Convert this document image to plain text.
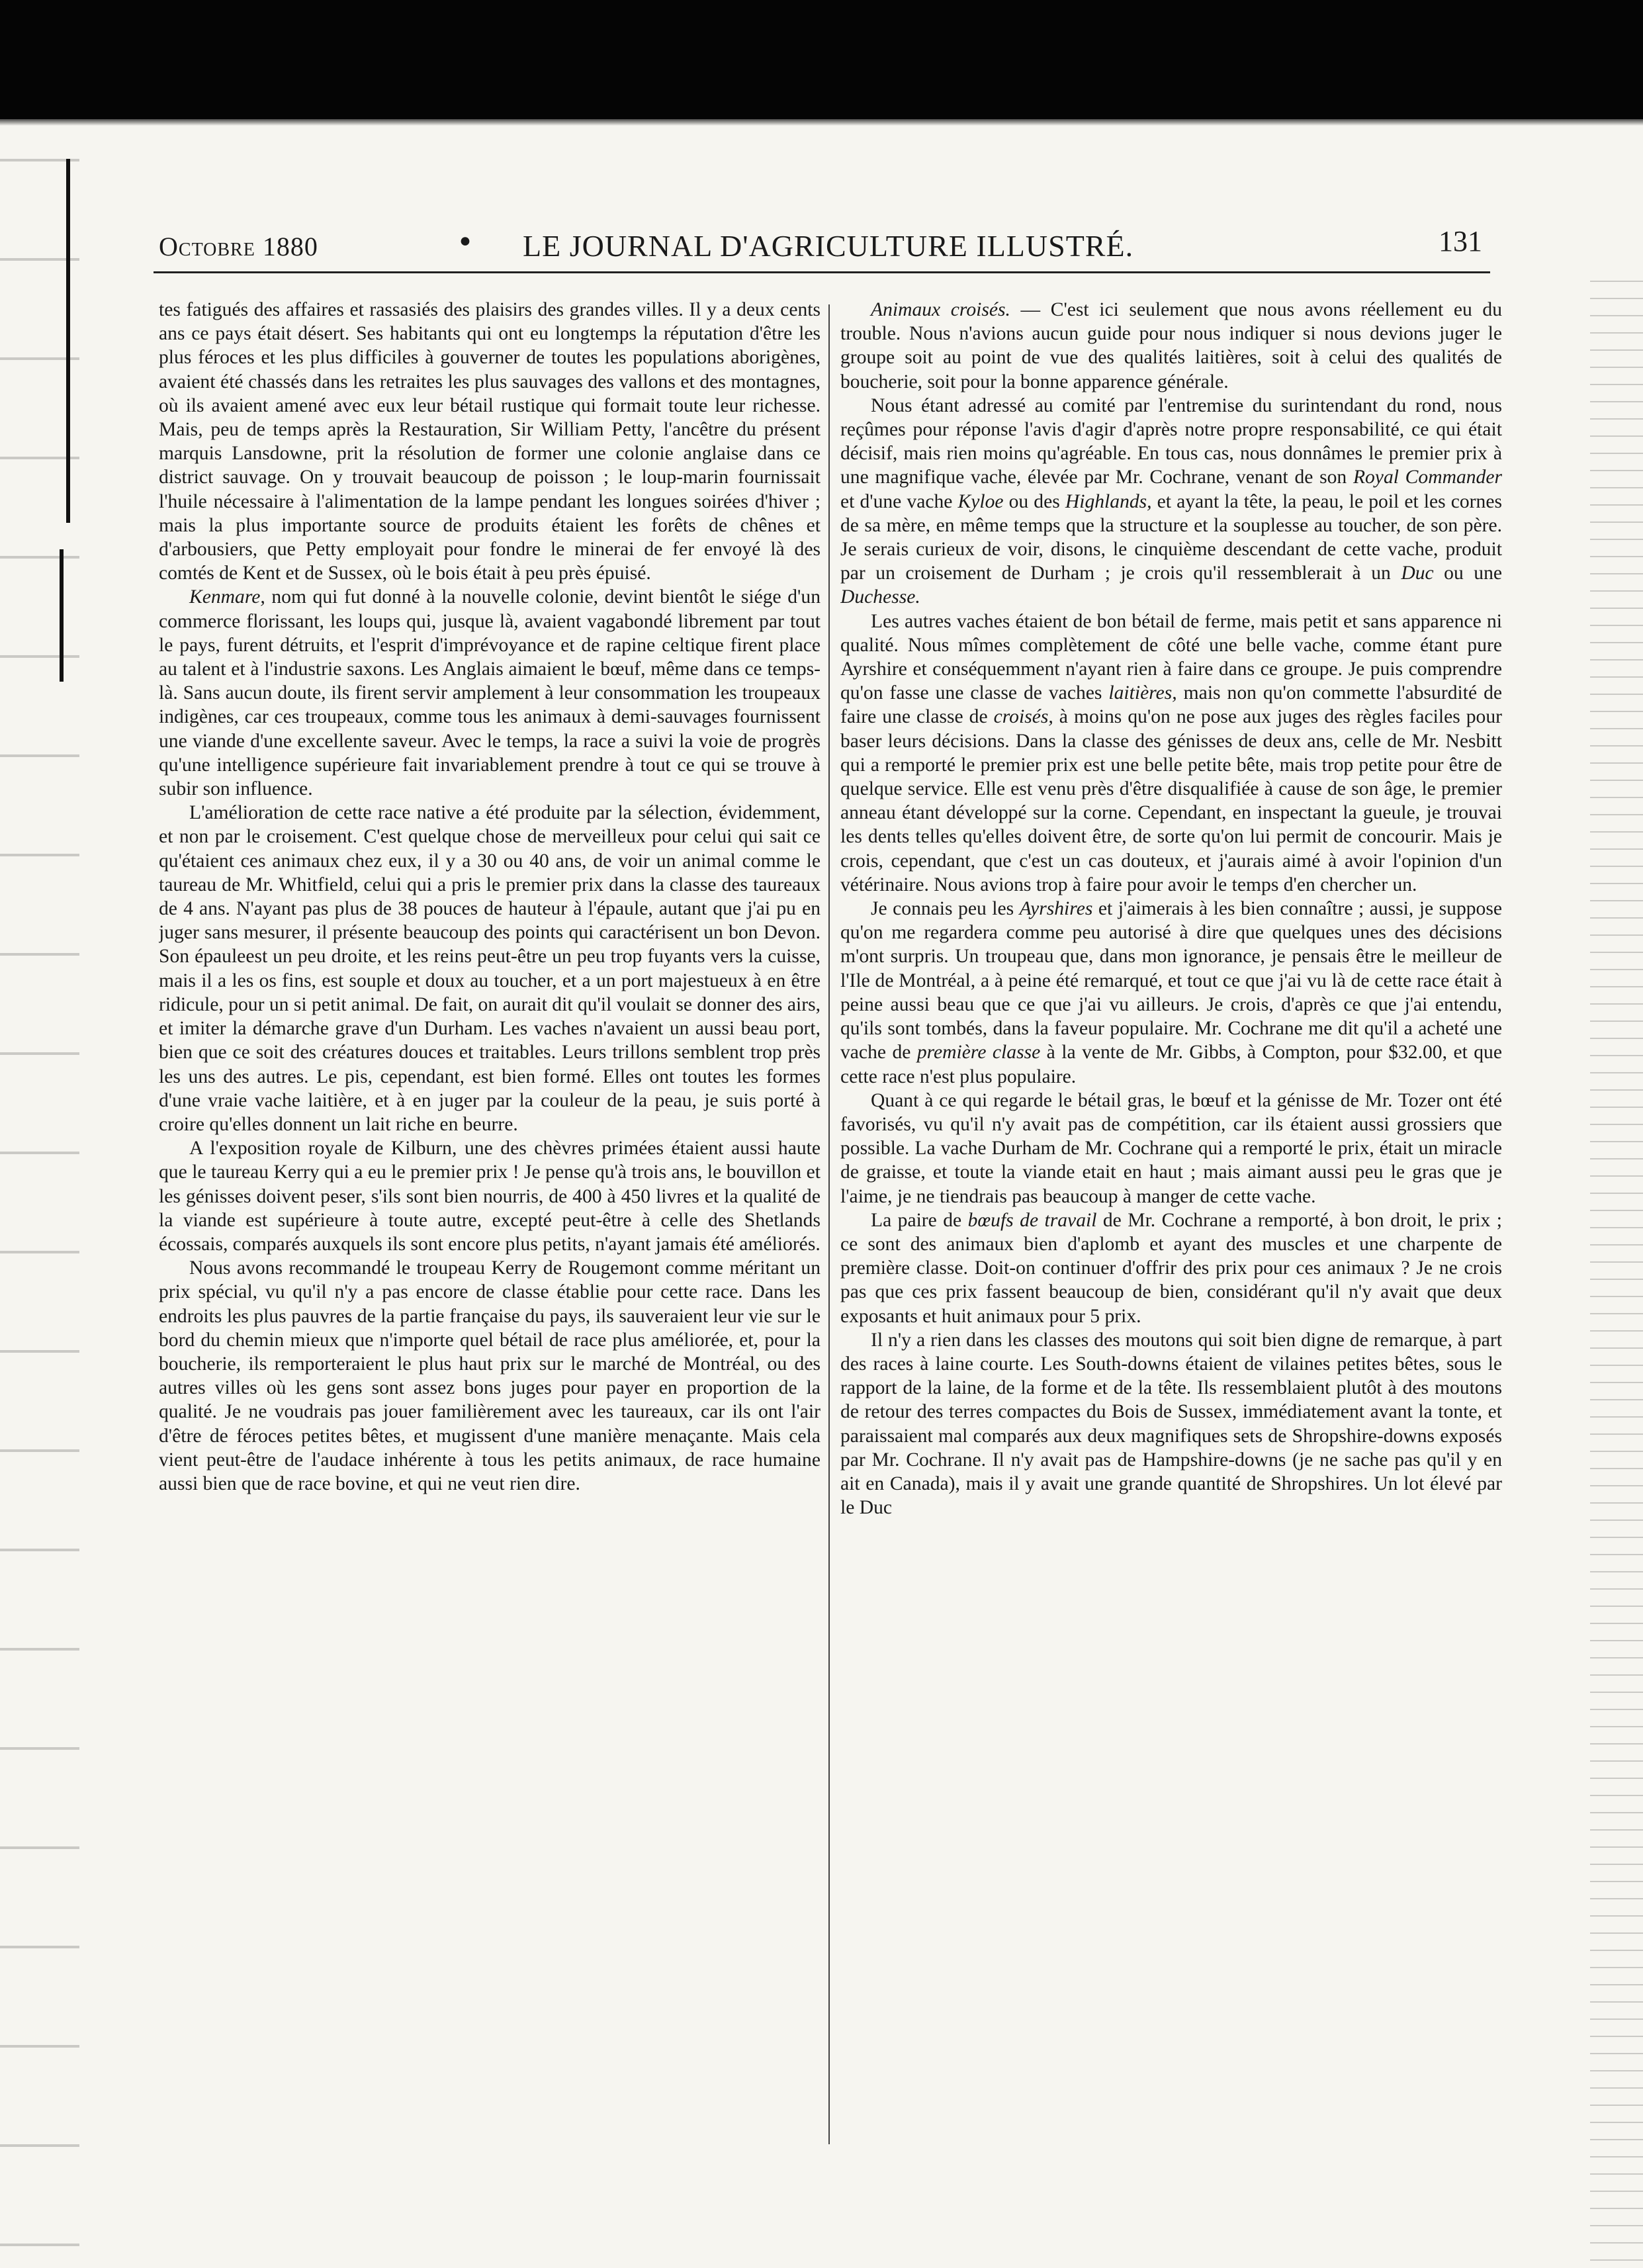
Octobre 1880	• LE JOURNAL D'AGRICULTURE ILLUSTRÉ.	131

tes fatigués des affaires et rassasiés des plaisirs des grandes villes. Il y a deux cents ans ce pays était désert. Ses habitants qui ont eu longtemps la réputation d'être les plus féroces et les plus difficiles à gouverner de toutes les populations aborigènes, avaient été chassés dans les retraites les plus sauvages des vallons et des montagnes, où ils avaient amené avec eux leur bétail rustique qui formait toute leur richesse. Mais, peu de temps après la Restauration, Sir William Petty, l'ancêtre du présent marquis Lansdowne, prit la résolution de former une colonie anglaise dans ce district sauvage. On y trouvait beaucoup de poisson ; le loup-marin fournissait l'huile nécessaire à l'alimentation de la lampe pendant les longues soirées d'hiver ; mais la plus importante source de produits étaient les forêts de chênes et d'arbousiers, que Petty employait pour fondre le minerai de fer envoyé là des comtés de Kent et de Sussex, où le bois était à peu près épuisé.

Kenmare, nom qui fut donné à la nouvelle colonie, devint bientôt le siége d'un commerce florissant, les loups qui, jusque là, avaient vagabondé librement par tout le pays, furent détruits, et l'esprit d'imprévoyance et de rapine celtique firent place au talent et à l'industrie saxons. Les Anglais aimaient le bœuf, même dans ce temps-là. Sans aucun doute, ils firent servir amplement à leur consommation les troupeaux indigènes, car ces troupeaux, comme tous les animaux à demi-sauvages fournissent une viande d'une excellente saveur. Avec le temps, la race a suivi la voie de progrès qu'une intelligence supérieure fait invariablement prendre à tout ce qui se trouve à subir son influence.

L'amélioration de cette race native a été produite par la sélection, évidemment, et non par le croisement. C'est quelque chose de merveilleux pour celui qui sait ce qu'étaient ces animaux chez eux, il y a 30 ou 40 ans, de voir un animal comme le taureau de Mr. Whitfield, celui qui a pris le premier prix dans la classe des taureaux de 4 ans. N'ayant pas plus de 38 pouces de hauteur à l'épaule, autant que j'ai pu en juger sans mesurer, il présente beaucoup des points qui caractérisent un bon Devon. Son épauleest un peu droite, et les reins peut-être un peu trop fuyants vers la cuisse, mais il a les os fins, est souple et doux au toucher, et a un port majestueux à en être ridicule, pour un si petit animal. De fait, on aurait dit qu'il voulait se donner des airs, et imiter la démarche grave d'un Durham. Les vaches n'avaient un aussi beau port, bien que ce soit des créatures douces et traitables. Leurs trillons semblent trop près les uns des autres. Le pis, cependant, est bien formé. Elles ont toutes les formes d'une vraie vache laitière, et à en juger par la couleur de la peau, je suis porté à croire qu'elles donnent un lait riche en beurre.

A l'exposition royale de Kilburn, une des chèvres primées étaient aussi haute que le taureau Kerry qui a eu le premier prix ! Je pense qu'à trois ans, le bouvillon et les génisses doivent peser, s'ils sont bien nourris, de 400 à 450 livres et la qualité de la viande est supérieure à toute autre, excepté peut-être à celle des Shetlands écossais, comparés auxquels ils sont encore plus petits, n'ayant jamais été améliorés.

Nous avons recommandé le troupeau Kerry de Rougemont comme méritant un prix spécial, vu qu'il n'y a pas encore de classe établie pour cette race. Dans les endroits les plus pauvres de la partie française du pays, ils sauveraient leur vie sur le bord du chemin mieux que n'importe quel bétail de race plus améliorée, et, pour la boucherie, ils remporteraient le plus haut prix sur le marché de Montréal, ou des autres villes où les gens sont assez bons juges pour payer en proportion de la qualité. Je ne voudrais pas jouer familièrement avec les taureaux, car ils ont l'air d'être de féroces petites bêtes, et mugissent d'une manière menaçante. Mais cela vient peut-être de l'audace inhérente à tous les petits animaux, de race humaine aussi bien que de race bovine, et qui ne veut rien dire.

Animaux croisés. — C'est ici seulement que nous avons réellement eu du trouble. Nous n'avions aucun guide pour nous indiquer si nous devions juger le groupe soit au point de vue des qualités laitières, soit à celui des qualités de boucherie, soit pour la bonne apparence générale.

Nous étant adressé au comité par l'entremise du surintendant du rond, nous reçûmes pour réponse l'avis d'agir d'après notre propre responsabilité, ce qui était décisif, mais rien moins qu'agréable. En tous cas, nous donnâmes le premier prix à une magnifique vache, élevée par Mr. Cochrane, venant de son Royal Commander et d'une vache Kyloe ou des Highlands, et ayant la tête, la peau, le poil et les cornes de sa mère, en même temps que la structure et la souplesse au toucher, de son père. Je serais curieux de voir, disons, le cinquième descendant de cette vache, produit par un croisement de Durham ; je crois qu'il ressemblerait à un Duc ou une Duchesse.

Les autres vaches étaient de bon bétail de ferme, mais petit et sans apparence ni qualité. Nous mîmes complètement de côté une belle vache, comme étant pure Ayrshire et conséquemment n'ayant rien à faire dans ce groupe. Je puis comprendre qu'on fasse une classe de vaches laitières, mais non qu'on commette l'absurdité de faire une classe de croisés, à moins qu'on ne pose aux juges des règles faciles pour baser leurs décisions. Dans la classe des génisses de deux ans, celle de Mr. Nesbitt qui a remporté le premier prix est une belle petite bête, mais trop petite pour être de quelque service. Elle est venu près d'être disqualifiée à cause de son âge, le premier anneau étant développé sur la corne. Cependant, en inspectant la gueule, je trouvai les dents telles qu'elles doivent être, de sorte qu'on lui permit de concourir. Mais je crois, cependant, que c'est un cas douteux, et j'aurais aimé à avoir l'opinion d'un vétérinaire. Nous avions trop à faire pour avoir le temps d'en chercher un.

Je connais peu les Ayrshires et j'aimerais à les bien connaître ; aussi, je suppose qu'on me regardera comme peu autorisé à dire que quelques unes des décisions m'ont surpris. Un troupeau que, dans mon ignorance, je pensais être le meilleur de l'Ile de Montréal, a à peine été remarqué, et tout ce que j'ai vu là de cette race était à peine aussi beau que ce que j'ai vu ailleurs. Je crois, d'après ce que j'ai entendu, qu'ils sont tombés, dans la faveur populaire. Mr. Cochrane me dit qu'il a acheté une vache de première classe à la vente de Mr. Gibbs, à Compton, pour $32.00, et que cette race n'est plus populaire.

Quant à ce qui regarde le bétail gras, le bœuf et la génisse de Mr. Tozer ont été favorisés, vu qu'il n'y avait pas de compétition, car ils étaient aussi grossiers que possible. La vache Durham de Mr. Cochrane qui a remporté le prix, était un miracle de graisse, et toute la viande etait en haut ; mais aimant aussi peu le gras que je l'aime, je ne tiendrais pas beaucoup à manger de cette vache.

La paire de bœufs de travail de Mr. Cochrane a remporté, à bon droit, le prix ; ce sont des animaux bien d'aplomb et ayant des muscles et une charpente de première classe. Doit-on continuer d'offrir des prix pour ces animaux ? Je ne crois pas que ces prix fassent beaucoup de bien, considérant qu'il n'y avait que deux exposants et huit animaux pour 5 prix.

Il n'y a rien dans les classes des moutons qui soit bien digne de remarque, à part des races à laine courte. Les South-downs étaient de vilaines petites bêtes, sous le rapport de la laine, de la forme et de la tête. Ils ressemblaient plutôt à des moutons de retour des terres compactes du Bois de Sussex, immédiatement avant la tonte, et paraissaient mal comparés aux deux magnifiques sets de Shropshire-downs exposés par Mr. Cochrane. Il n'y avait pas de Hampshire-downs (je ne sache pas qu'il y en ait en Canada), mais il y avait une grande quantité de Shropshires. Un lot élevé par le Duc
